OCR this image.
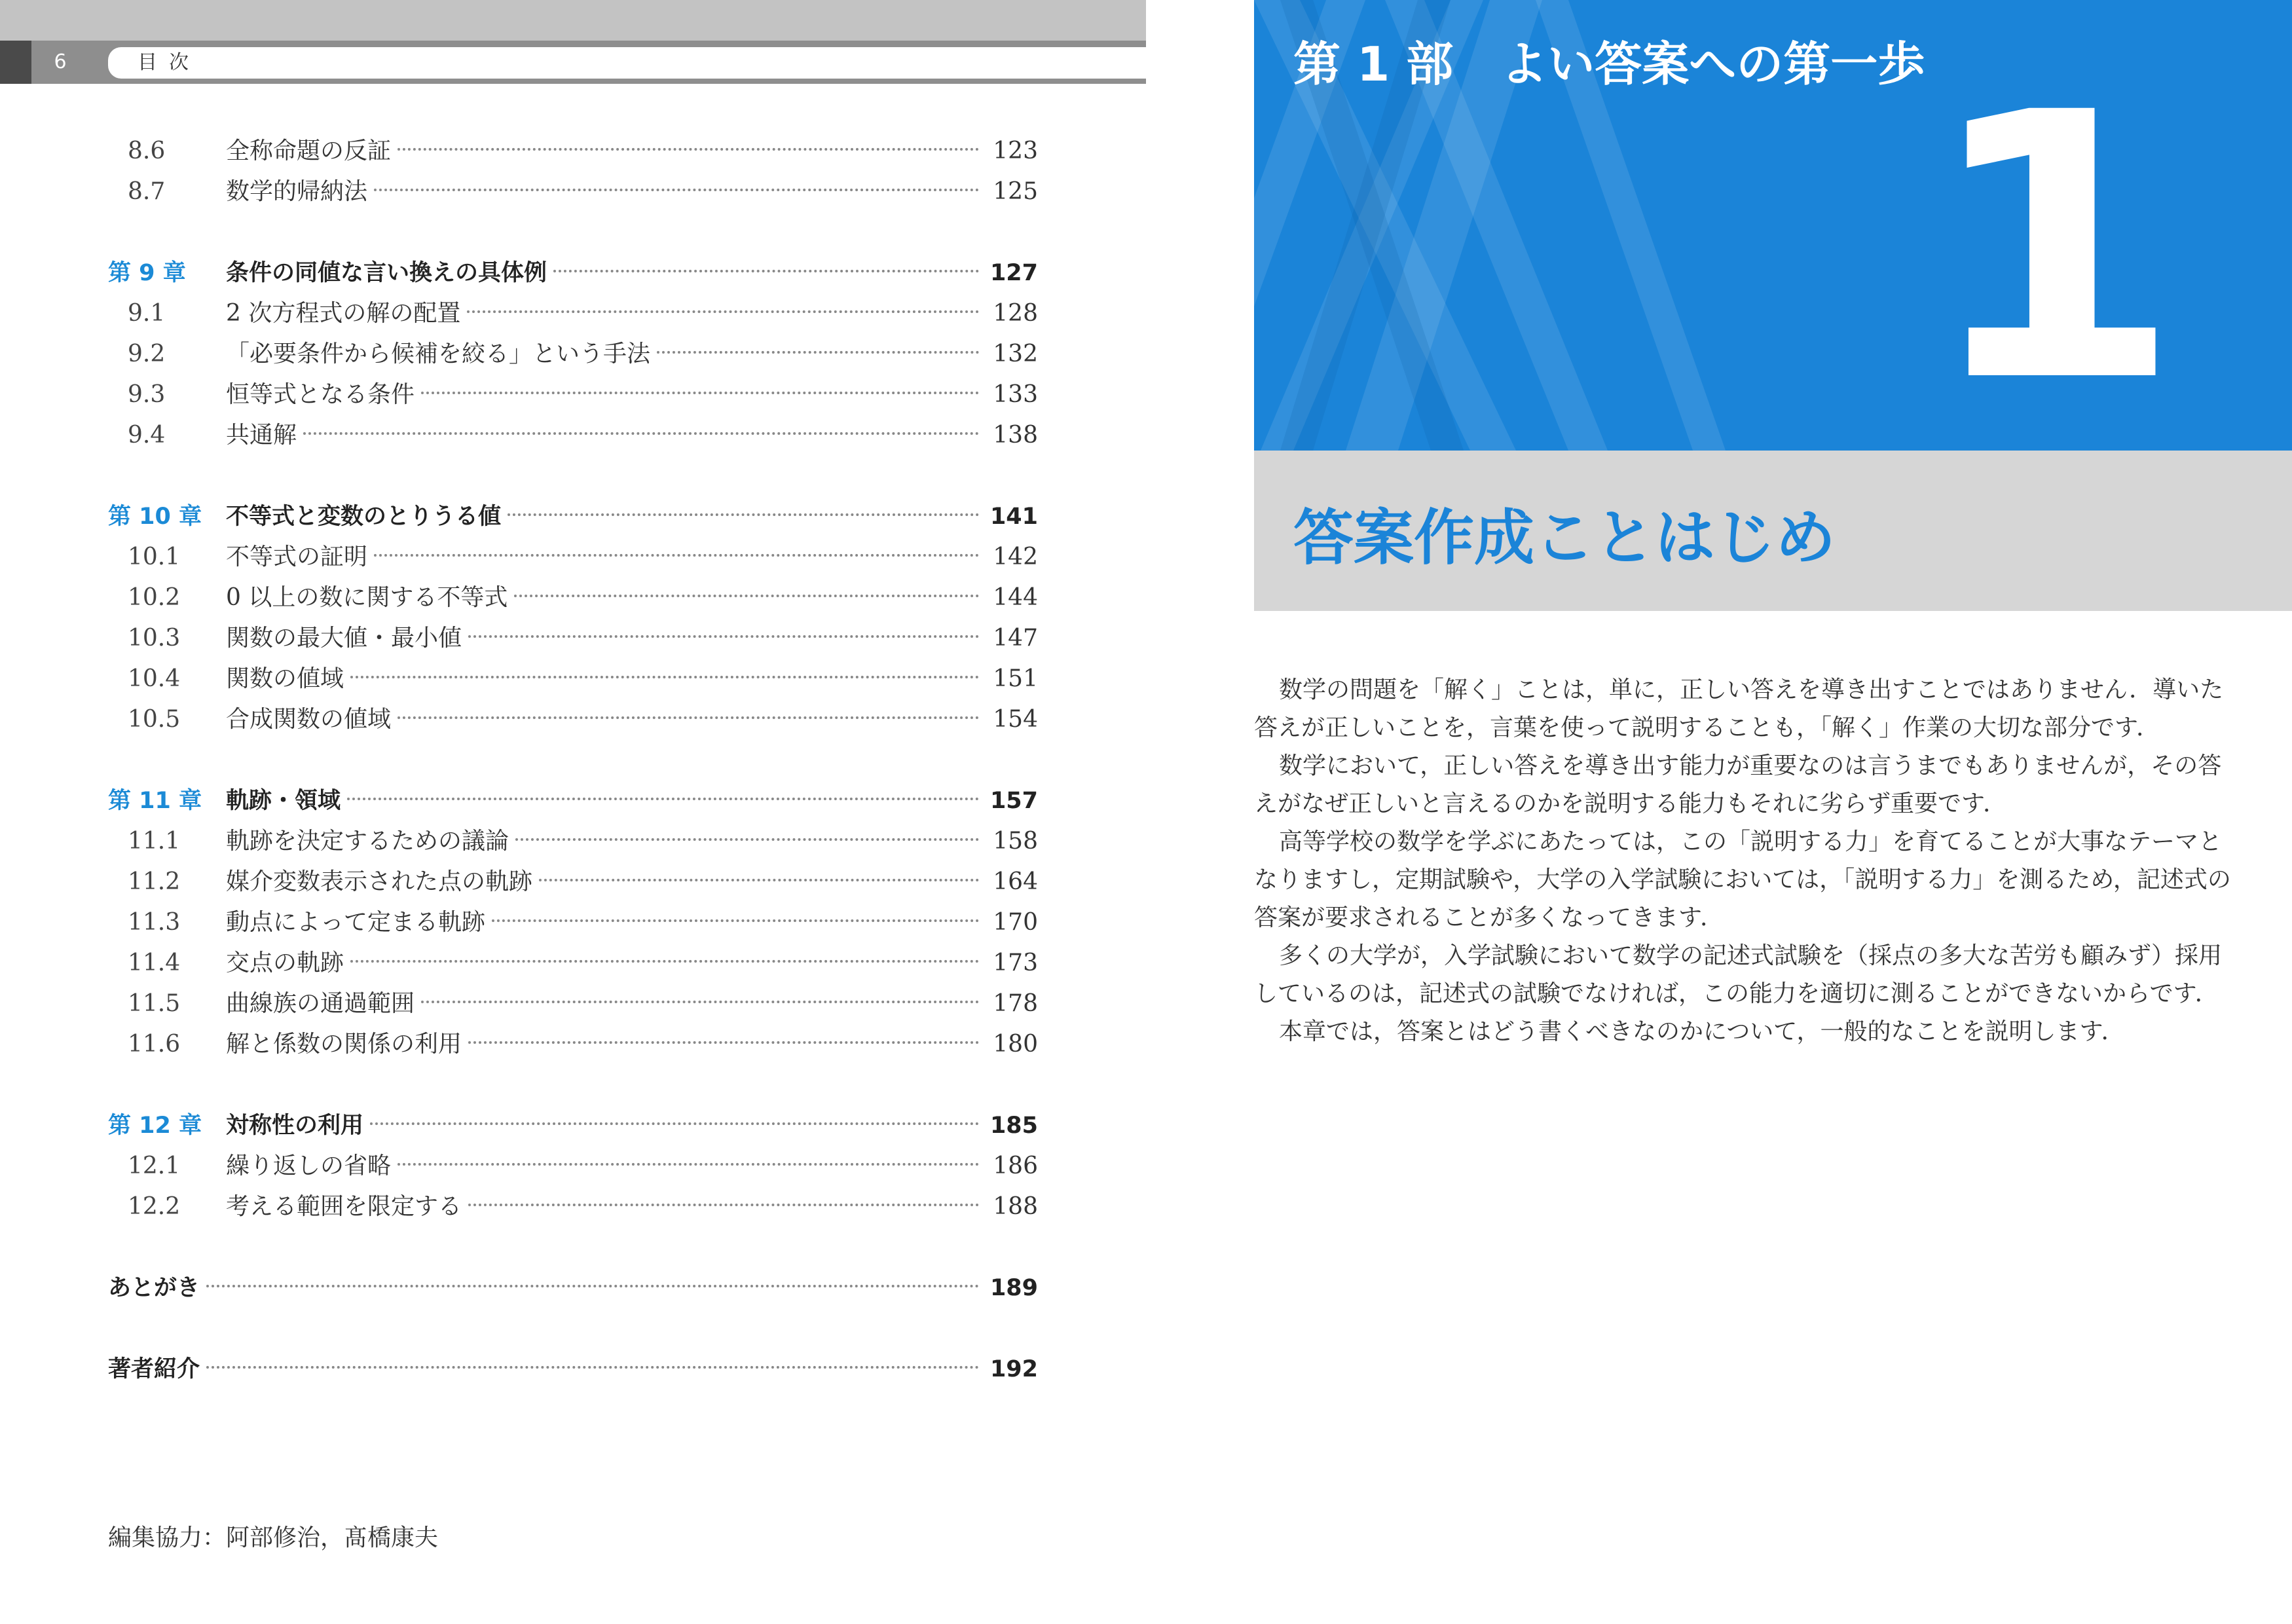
6	目次
8.6	全称命題の反証	123
8.7	数学的帰納法	125
第 9 章	条件の同値な言い換えの具体例	127
9.1	2 次方程式の解の配置	128
9.2	「必要条件から候補を絞る」という手法	132
9.3	恒等式となる条件	133
9.4	共通解	138
第 10 章	不等式と変数のとりうる値	141
10.1	不等式の証明	142
10.2	0 以上の数に関する不等式	144
10.3	関数の最大値・最小値	147
10.4	関数の値域	151
10.5	合成関数の値域	154
第 11 章	軌跡・領域	157
11.1	軌跡を決定するための議論	158
11.2	媒介変数表示された点の軌跡	164
11.3	動点によって定まる軌跡	170
11.4	交点の軌跡	173
11.5	曲線族の通過範囲	178
11.6	解と係数の関係の利用	180
第 12 章	対称性の利用	185
12.1	繰り返しの省略	186
12.2	考える範囲を限定する	188
あとがき	189
著者紹介	192
編集協力：阿部修治，髙橋康夫
第 1 部　よい答案への第一歩 1
答案作成ことはじめ

数学の問題を「解く」ことは，単に，正しい答えを導き出すことではありません．導いた答えが正しいことを，言葉を使って説明することも，「解く」作業の大切な部分です．

数学において，正しい答えを導き出す能力が重要なのは言うまでもありませんが，その答えがなぜ正しいと言えるのかを説明する能力もそれに劣らず重要です．

高等学校の数学を学ぶにあたっては，この「説明する力」を育てることが大事なテーマとなりますし，定期試験や，大学の入学試験においては，「説明する力」を測るため，記述式の答案が要求されることが多くなってきます．

多くの大学が，入学試験において数学の記述式試験を（採点の多大な苦労も顧みず）採用しているのは，記述式の試験でなければ，この能力を適切に測ることができないからです．

本章では，答案とはどう書くべきなのかについて，一般的なことを説明します．
